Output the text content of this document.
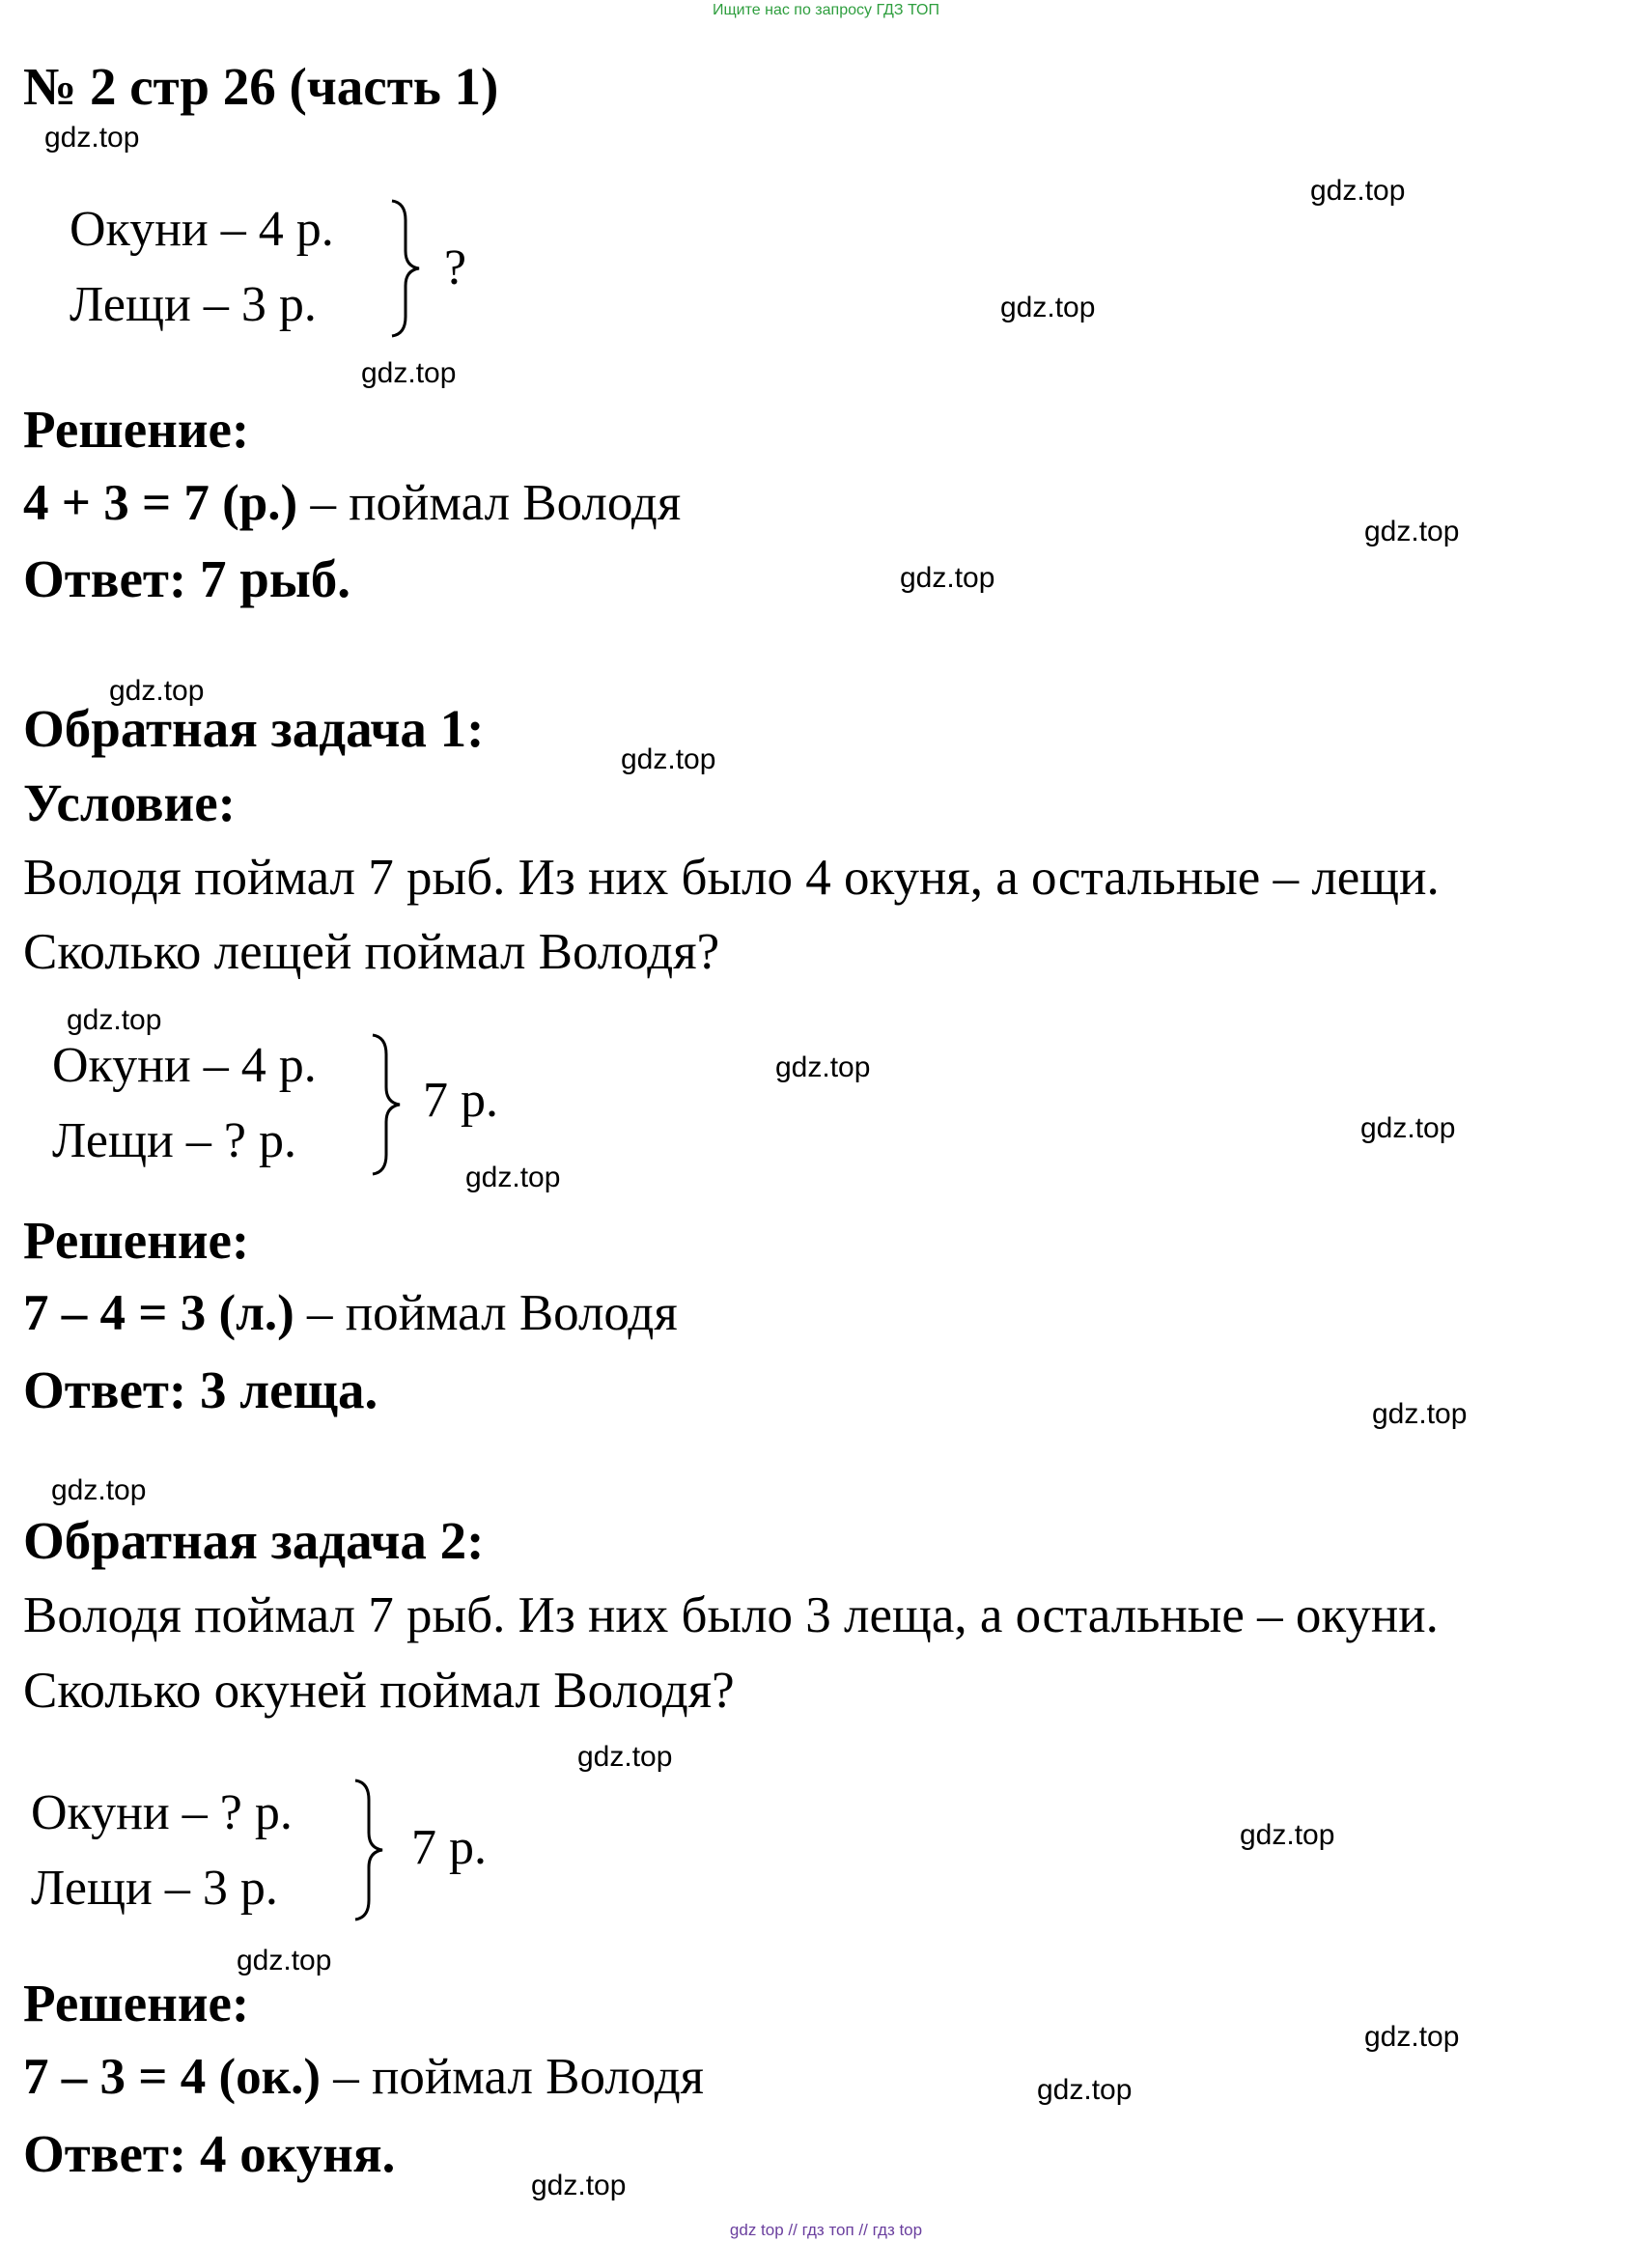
Ищите нас по запросу ГДЗ ТОП
№ 2 стр 26 (часть 1)
gdz.top
gdz.top
gdz.top
gdz.top
gdz.top
gdz.top
gdz.top
gdz.top
gdz.top
gdz.top
gdz.top
gdz.top
gdz.top
gdz.top
gdz.top
gdz.top
gdz.top
gdz.top
gdz.top
gdz.top
Окуни – 4 р.
Лещи – 3 р.
?
Решение:
4 + 3 = 7 (р.) – поймал Володя
Ответ: 7 рыб.
Обратная задача 1:
Условие:
Володя поймал 7 рыб. Из них было 4 окуня, а остальные – лещи.
Сколько лещей поймал Володя?
Окуни – 4 р.
Лещи – ? р.
7 р.
Решение:
7 – 4 = 3 (л.) – поймал Володя
Ответ: 3 леща.
Обратная задача 2:
Володя поймал 7 рыб. Из них было 3 леща, а остальные – окуни.
Сколько окуней поймал Володя?
Окуни – ? р.
Лещи – 3 р.
7 р.
Решение:
7 – 3 = 4 (ок.) – поймал Володя
Ответ: 4 окуня.
gdz top // гдз топ // гдз top
